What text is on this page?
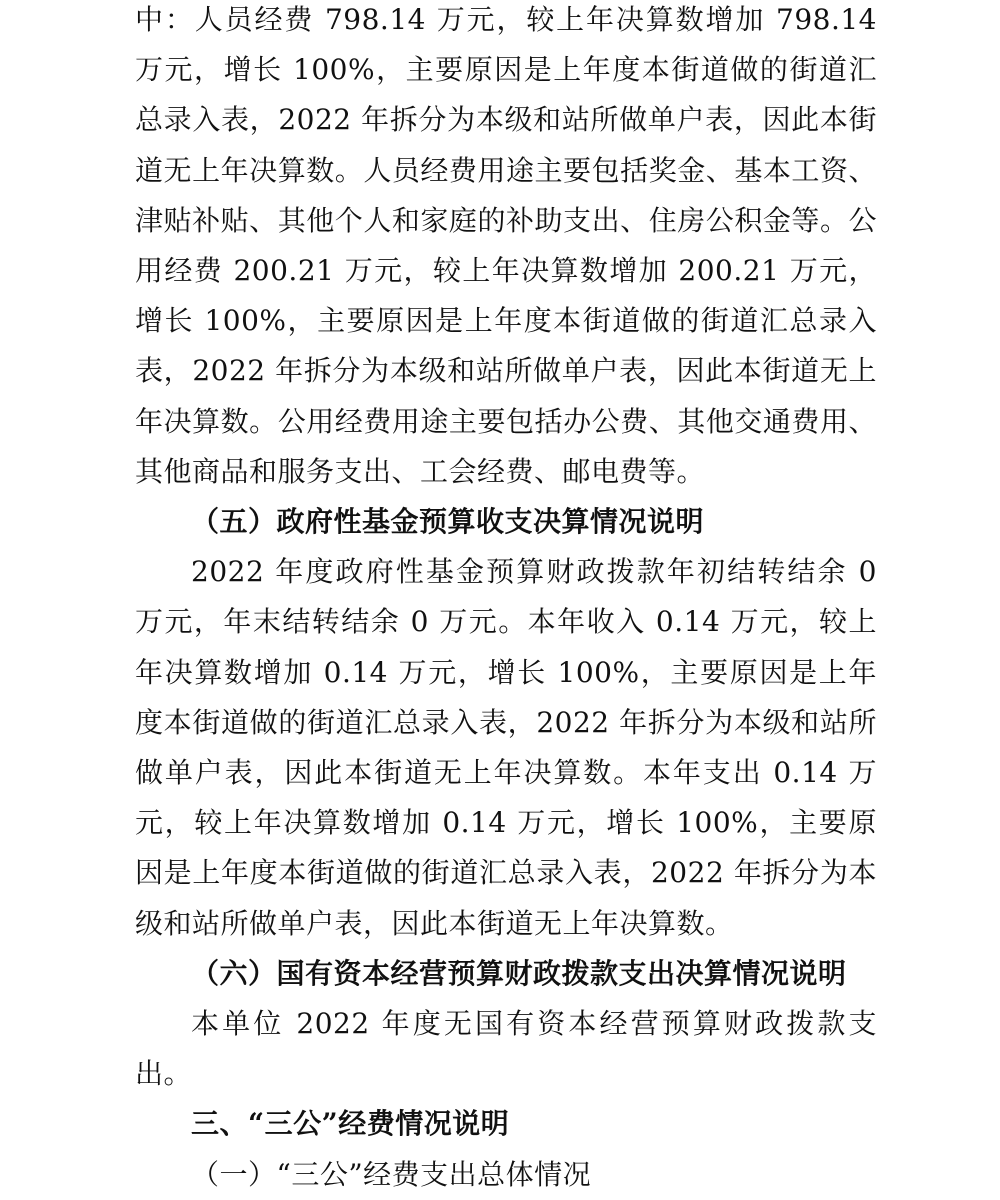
中：人员经费 798.14 万元，较上年决算数增加 798.14 万元，增长 100%，主要原因是上年度本街道做的街道汇总录入表，2022 年拆分为本级和站所做单户表，因此本街道无上年决算数。人员经费用途主要包括奖金、基本工资、津贴补贴、其他个人和家庭的补助支出、住房公积金等。公用经费 200.21 万元，较上年决算数增加 200.21 万元，增长 100%，主要原因是上年度本街道做的街道汇总录入表，2022 年拆分为本级和站所做单户表，因此本街道无上年决算数。公用经费用途主要包括办公费、其他交通费用、其他商品和服务支出、工会经费、邮电费等。

（五）政府性基金预算收支决算情况说明

2022 年度政府性基金预算财政拨款年初结转结余 0 万元，年末结转结余 0 万元。本年收入 0.14 万元，较上年决算数增加 0.14 万元，增长 100%，主要原因是上年度本街道做的街道汇总录入表，2022 年拆分为本级和站所做单户表，因此本街道无上年决算数。本年支出 0.14 万元，较上年决算数增加 0.14 万元，增长 100%，主要原因是上年度本街道做的街道汇总录入表，2022 年拆分为本级和站所做单户表，因此本街道无上年决算数。

（六）国有资本经营预算财政拨款支出决算情况说明

本单位 2022 年度无国有资本经营预算财政拨款支出。

三、“三公”经费情况说明

（一）“三公”经费支出总体情况
